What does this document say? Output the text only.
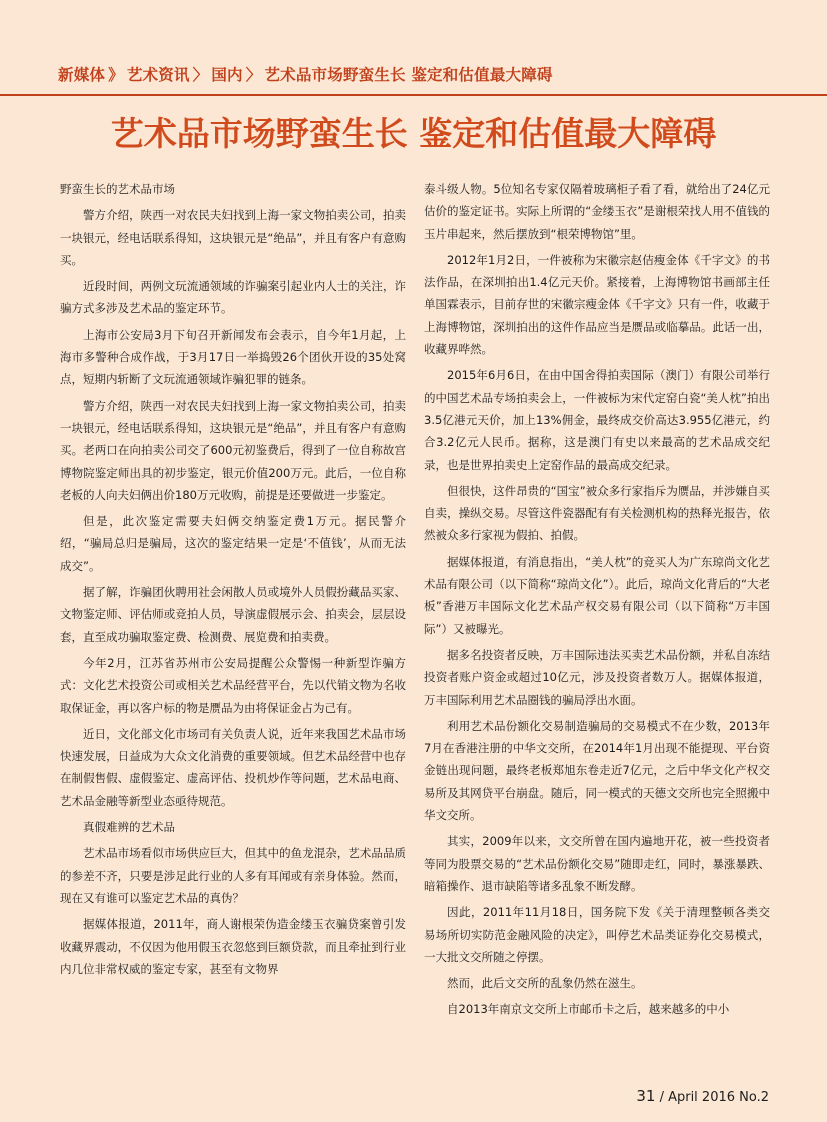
新媒体 》 艺术资讯 〉 国内 〉 艺术品市场野蛮生长 鉴定和估值最大障碍
艺术品市场野蛮生长 鉴定和估值最大障碍

野蛮生长的艺术品市场

警方介绍，陕西一对农民夫妇找到上海一家文物拍卖公司，拍卖一块银元，经电话联系得知，这块银元是“绝品”，并且有客户有意购买。

近段时间，两例文玩流通领域的诈骗案引起业内人士的关注，诈骗方式多涉及艺术品的鉴定环节。

上海市公安局3月下旬召开新闻发布会表示，自今年1月起，上海市多警种合成作战，于3月17日一举捣毁26个团伙开设的35处窝点，短期内斩断了文玩流通领域诈骗犯罪的链条。

警方介绍，陕西一对农民夫妇找到上海一家文物拍卖公司，拍卖一块银元，经电话联系得知，这块银元是“绝品”，并且有客户有意购买。老两口在向拍卖公司交了600元初鉴费后，得到了一位自称故宫博物院鉴定师出具的初步鉴定，银元价值200万元。此后，一位自称老板的人向夫妇俩出价180万元收购，前提是还要做进一步鉴定。

但是，此次鉴定需要夫妇俩交纳鉴定费1万元。据民警介绍，“骗局总归是骗局，这次的鉴定结果一定是‘不值钱’，从而无法成交”。

据了解，诈骗团伙聘用社会闲散人员或境外人员假扮藏品买家、文物鉴定师、评估师或竞拍人员，导演虚假展示会、拍卖会，层层设套，直至成功骗取鉴定费、检测费、展览费和拍卖费。

今年2月，江苏省苏州市公安局提醒公众警惕一种新型诈骗方式：文化艺术投资公司或相关艺术品经营平台，先以代销文物为名收取保证金，再以客户标的物是赝品为由将保证金占为己有。

近日，文化部文化市场司有关负责人说，近年来我国艺术品市场快速发展，日益成为大众文化消费的重要领域。但艺术品经营中也存在制假售假、虚假鉴定、虚高评估、投机炒作等问题，艺术品电商、艺术品金融等新型业态亟待规范。

真假难辨的艺术品

艺术品市场看似市场供应巨大，但其中的鱼龙混杂，艺术品品质的参差不齐，只要是涉足此行业的人多有耳闻或有亲身体验。然而，现在又有谁可以鉴定艺术品的真伪？

据媒体报道，2011年，商人谢根荣伪造金缕玉衣骗贷案曾引发收藏界震动，不仅因为他用假玉衣忽悠到巨额贷款，而且牵扯到行业内几位非常权威的鉴定专家，甚至有文物界

泰斗级人物。5位知名专家仅隔着玻璃柜子看了看，就给出了24亿元估价的鉴定证书。实际上所谓的“金缕玉衣”是谢根荣找人用不值钱的玉片串起来，然后摆放到“根荣博物馆”里。

2012年1月2日，一件被称为宋徽宗赵佶瘦金体《千字文》的书法作品，在深圳拍出1.4亿元天价。紧接着，上海博物馆书画部主任单国霖表示，目前存世的宋徽宗瘦金体《千字文》只有一件，收藏于上海博物馆，深圳拍出的这件作品应当是赝品或临摹品。此话一出，收藏界哗然。

2015年6月6日，在由中国舍得拍卖国际（澳门）有限公司举行的中国艺术品专场拍卖会上，一件被标为宋代定窑白瓷“美人枕”拍出3.5亿港元天价，加上13%佣金，最终成交价高达3.955亿港元，约合3.2亿元人民币。据称，这是澳门有史以来最高的艺术品成交纪录，也是世界拍卖史上定窑作品的最高成交纪录。

但很快，这件昂贵的“国宝”被众多行家指斥为赝品，并涉嫌自买自卖，操纵交易。尽管这件瓷器配有有关检测机构的热释光报告，依然被众多行家视为假拍、拍假。

据媒体报道，有消息指出，“美人枕”的竞买人为广东琼尚文化艺术品有限公司（以下简称“琼尚文化”）。此后，琼尚文化背后的“大老板”香港万丰国际文化艺术品产权交易有限公司（以下简称“万丰国际”）又被曝光。

据多名投资者反映，万丰国际违法买卖艺术品份额，并私自冻结投资者账户资金或超过10亿元，涉及投资者数万人。据媒体报道，万丰国际利用艺术品圈钱的骗局浮出水面。

利用艺术品份额化交易制造骗局的交易模式不在少数，2013年7月在香港注册的中华文交所，在2014年1月出现不能提现、平台资金链出现问题，最终老板郑旭东卷走近7亿元，之后中华文化产权交易所及其网贷平台崩盘。随后，同一模式的天德文交所也完全照搬中华文交所。

其实，2009年以来，文交所曾在国内遍地开花，被一些投资者等同为股票交易的“艺术品份额化交易”随即走红，同时，暴涨暴跌、暗箱操作、退市缺陷等诸多乱象不断发酵。

因此，2011年11月18日，国务院下发《关于清理整顿各类交易场所切实防范金融风险的决定》，叫停艺术品类证券化交易模式，一大批文交所随之停摆。

然而，此后文交所的乱象仍然在滋生。

自2013年南京文交所上市邮币卡之后，越来越多的中小

31 / April 2016 No.2
